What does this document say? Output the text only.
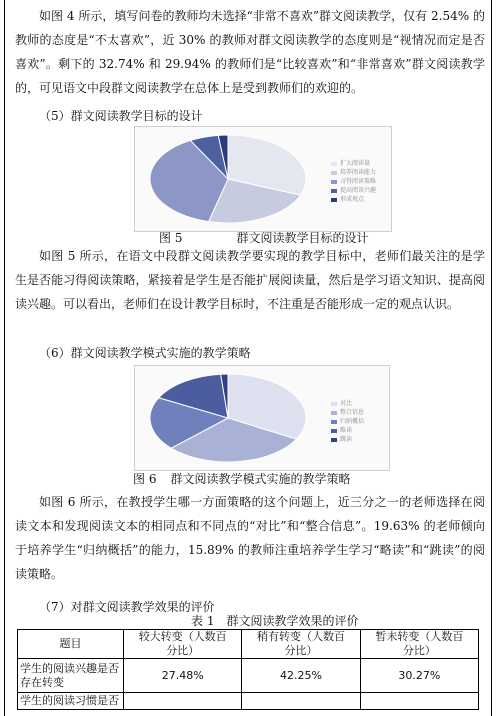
如图 4 所示，填写问卷的教师均未选择“非常不喜欢”群文阅读教学，仅有 2.54% 的教师的态度是“不太喜欢”，近 30% 的教师对群文阅读教学的态度则是“视情况而定是否喜欢”。剩下的 32.74% 和 29.94% 的教师们是“比较喜欢”和“非常喜欢”群文阅读教学的，可见语文中段群文阅读教学在总体上是受到教师们的欢迎的。

（5）群文阅读教学目标的设计
扩大阅读量
培养阅读能力
习得阅读策略
提高阅读兴趣
形成观点
图 5	群文阅读教学目标的设计

如图 5 所示，在语文中段群文阅读教学要实现的教学目标中，老师们最关注的是学生是否能习得阅读策略，紧接着是学生是否能扩展阅读量，然后是学习语文知识、提高阅读兴趣。可以看出，老师们在设计教学目标时，不注重是否能形成一定的观点认识。

（6）群文阅读教学模式实施的教学策略
对比
整合信息
归纳概括
略读
跳读
图 6 群文阅读教学模式实施的教学策略

如图 6 所示，在教授学生哪一方面策略的这个问题上，近三分之一的老师选择在阅读文本和发现阅读文本的相同点和不同点的“对比”和“整合信息”。19.63% 的老师倾向于培养学生“归纳概括”的能力，15.89% 的教师注重培养学生学习“略读”和“跳读”的阅读策略。

（7）对群文阅读教学效果的评价
表 1　群文阅读教学效果的评价
题目	较大转变（人数百分比）	稍有转变（人数百分比）	暂未转变（人数百分比）
学生的阅读兴趣是否存在转变	27.48%	42.25%	30.27%
学生的阅读习惯是否			
